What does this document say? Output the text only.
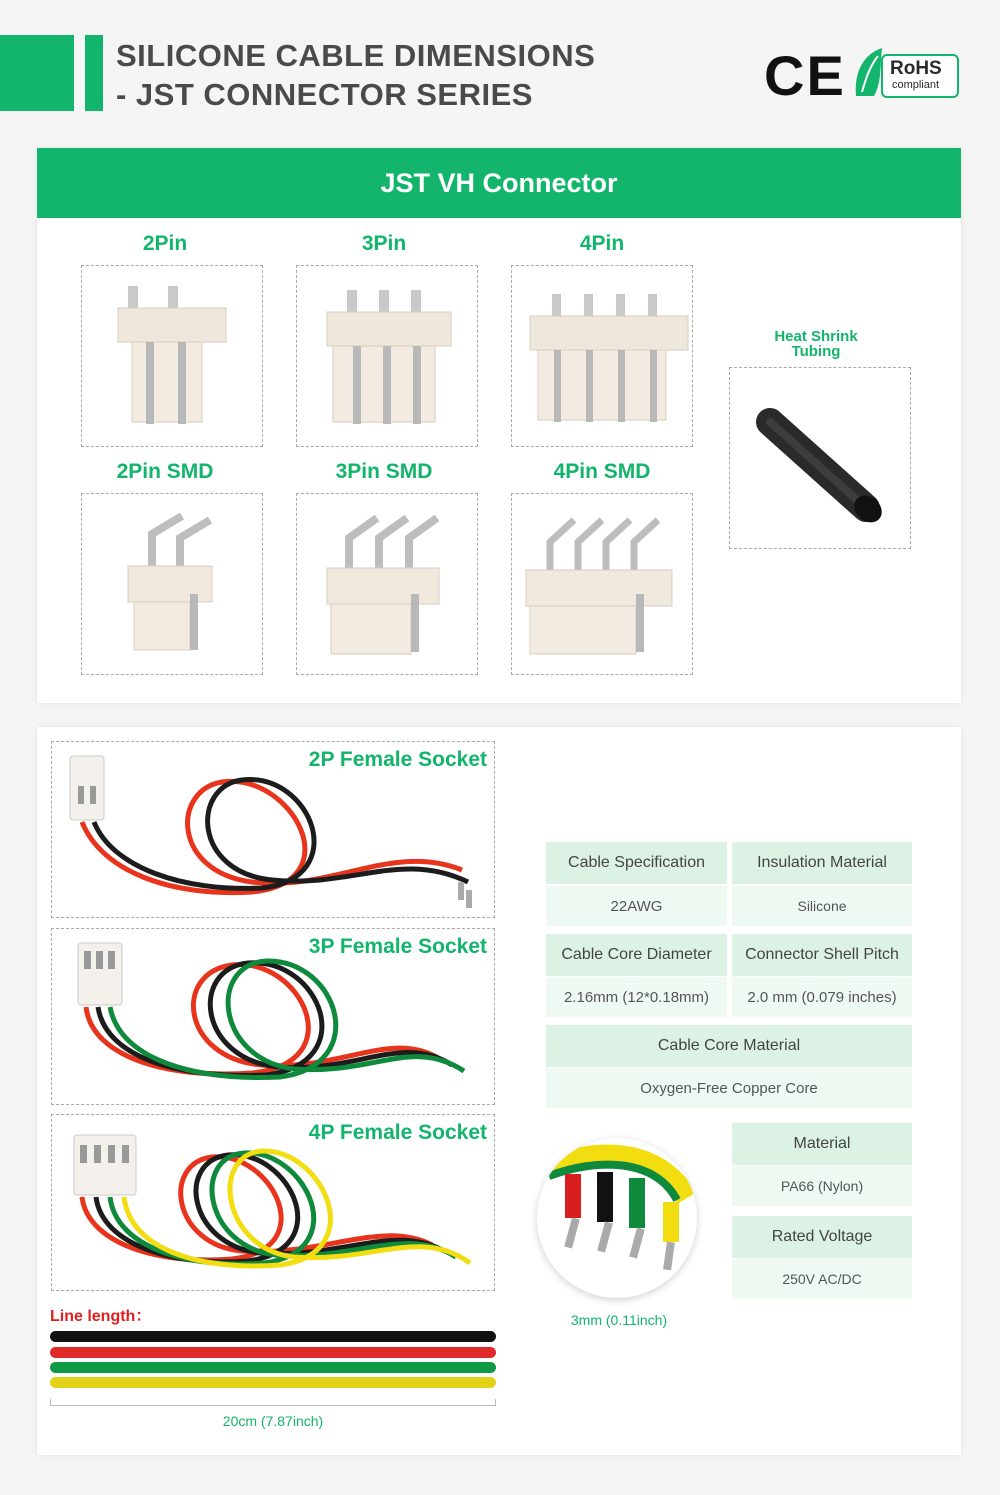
SILICONE CABLE DIMENSIONS
- JST CONNECTOR SERIES	CE RoHS
compliant
JST VH Connector
2Pin	3Pin	4Pin
2Pin SMD	3Pin SMD	4Pin SMD
Heat Shrink
Tubing
2P Female Socket
3P Female Socket
4P Female Socket
Line length：
20cm (7.87inch)
Cable Specification	Insulation Material
22AWG	Silicone
Cable Core Diameter	Connector Shell Pitch
2.16mm (12*0.18mm)	2.0 mm (0.079 inches)
Cable Core Material
Oxygen-Free Copper Core
3mm (0.11inch)
Material
PA66 (Nylon)
Rated Voltage
250V AC/DC
